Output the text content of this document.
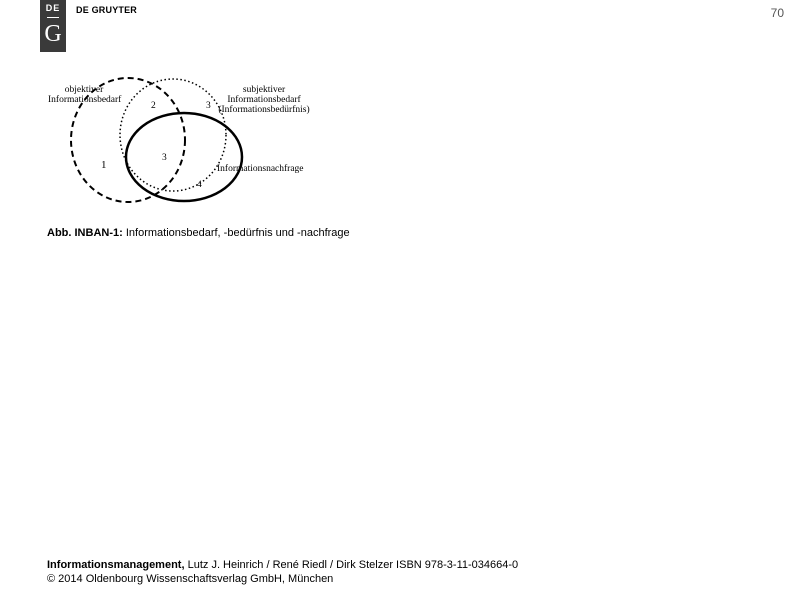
DE
G
DE GRUYTER	70
objektiver
Informationsbedarf
subjektiver
Informationsbedarf
(Informationsbedürfnis)
Informationsnachfrage
1
2	3
3
4
Abb. INBAN-1: Informationsbedarf, -bedürfnis und -nachfrage
Informationsmanagement, Lutz J. Heinrich / René Riedl / Dirk Stelzer ISBN 978-3-11-034664-0
© 2014 Oldenbourg Wissenschaftsverlag GmbH, München
